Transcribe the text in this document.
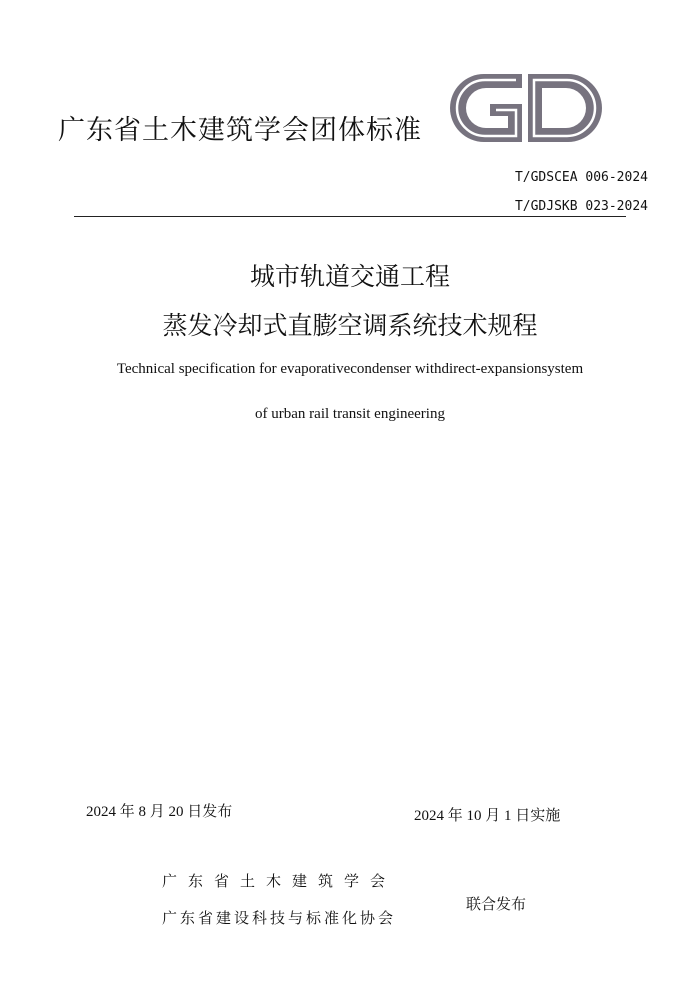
广东省土木建筑学会团体标准
T/GDSCEA 006-2024
T/GDJSKB 023-2024
城市轨道交通工程
蒸发冷却式直膨空调系统技术规程
Technical specification for evaporativecondenser withdirect-expansionsystem
of urban rail transit engineering
2024 年 8 月 20 日发布	2024 年 10 月 1 日实施
广东省土木建筑学会
广东省建设科技与标准化协会
联合发布
